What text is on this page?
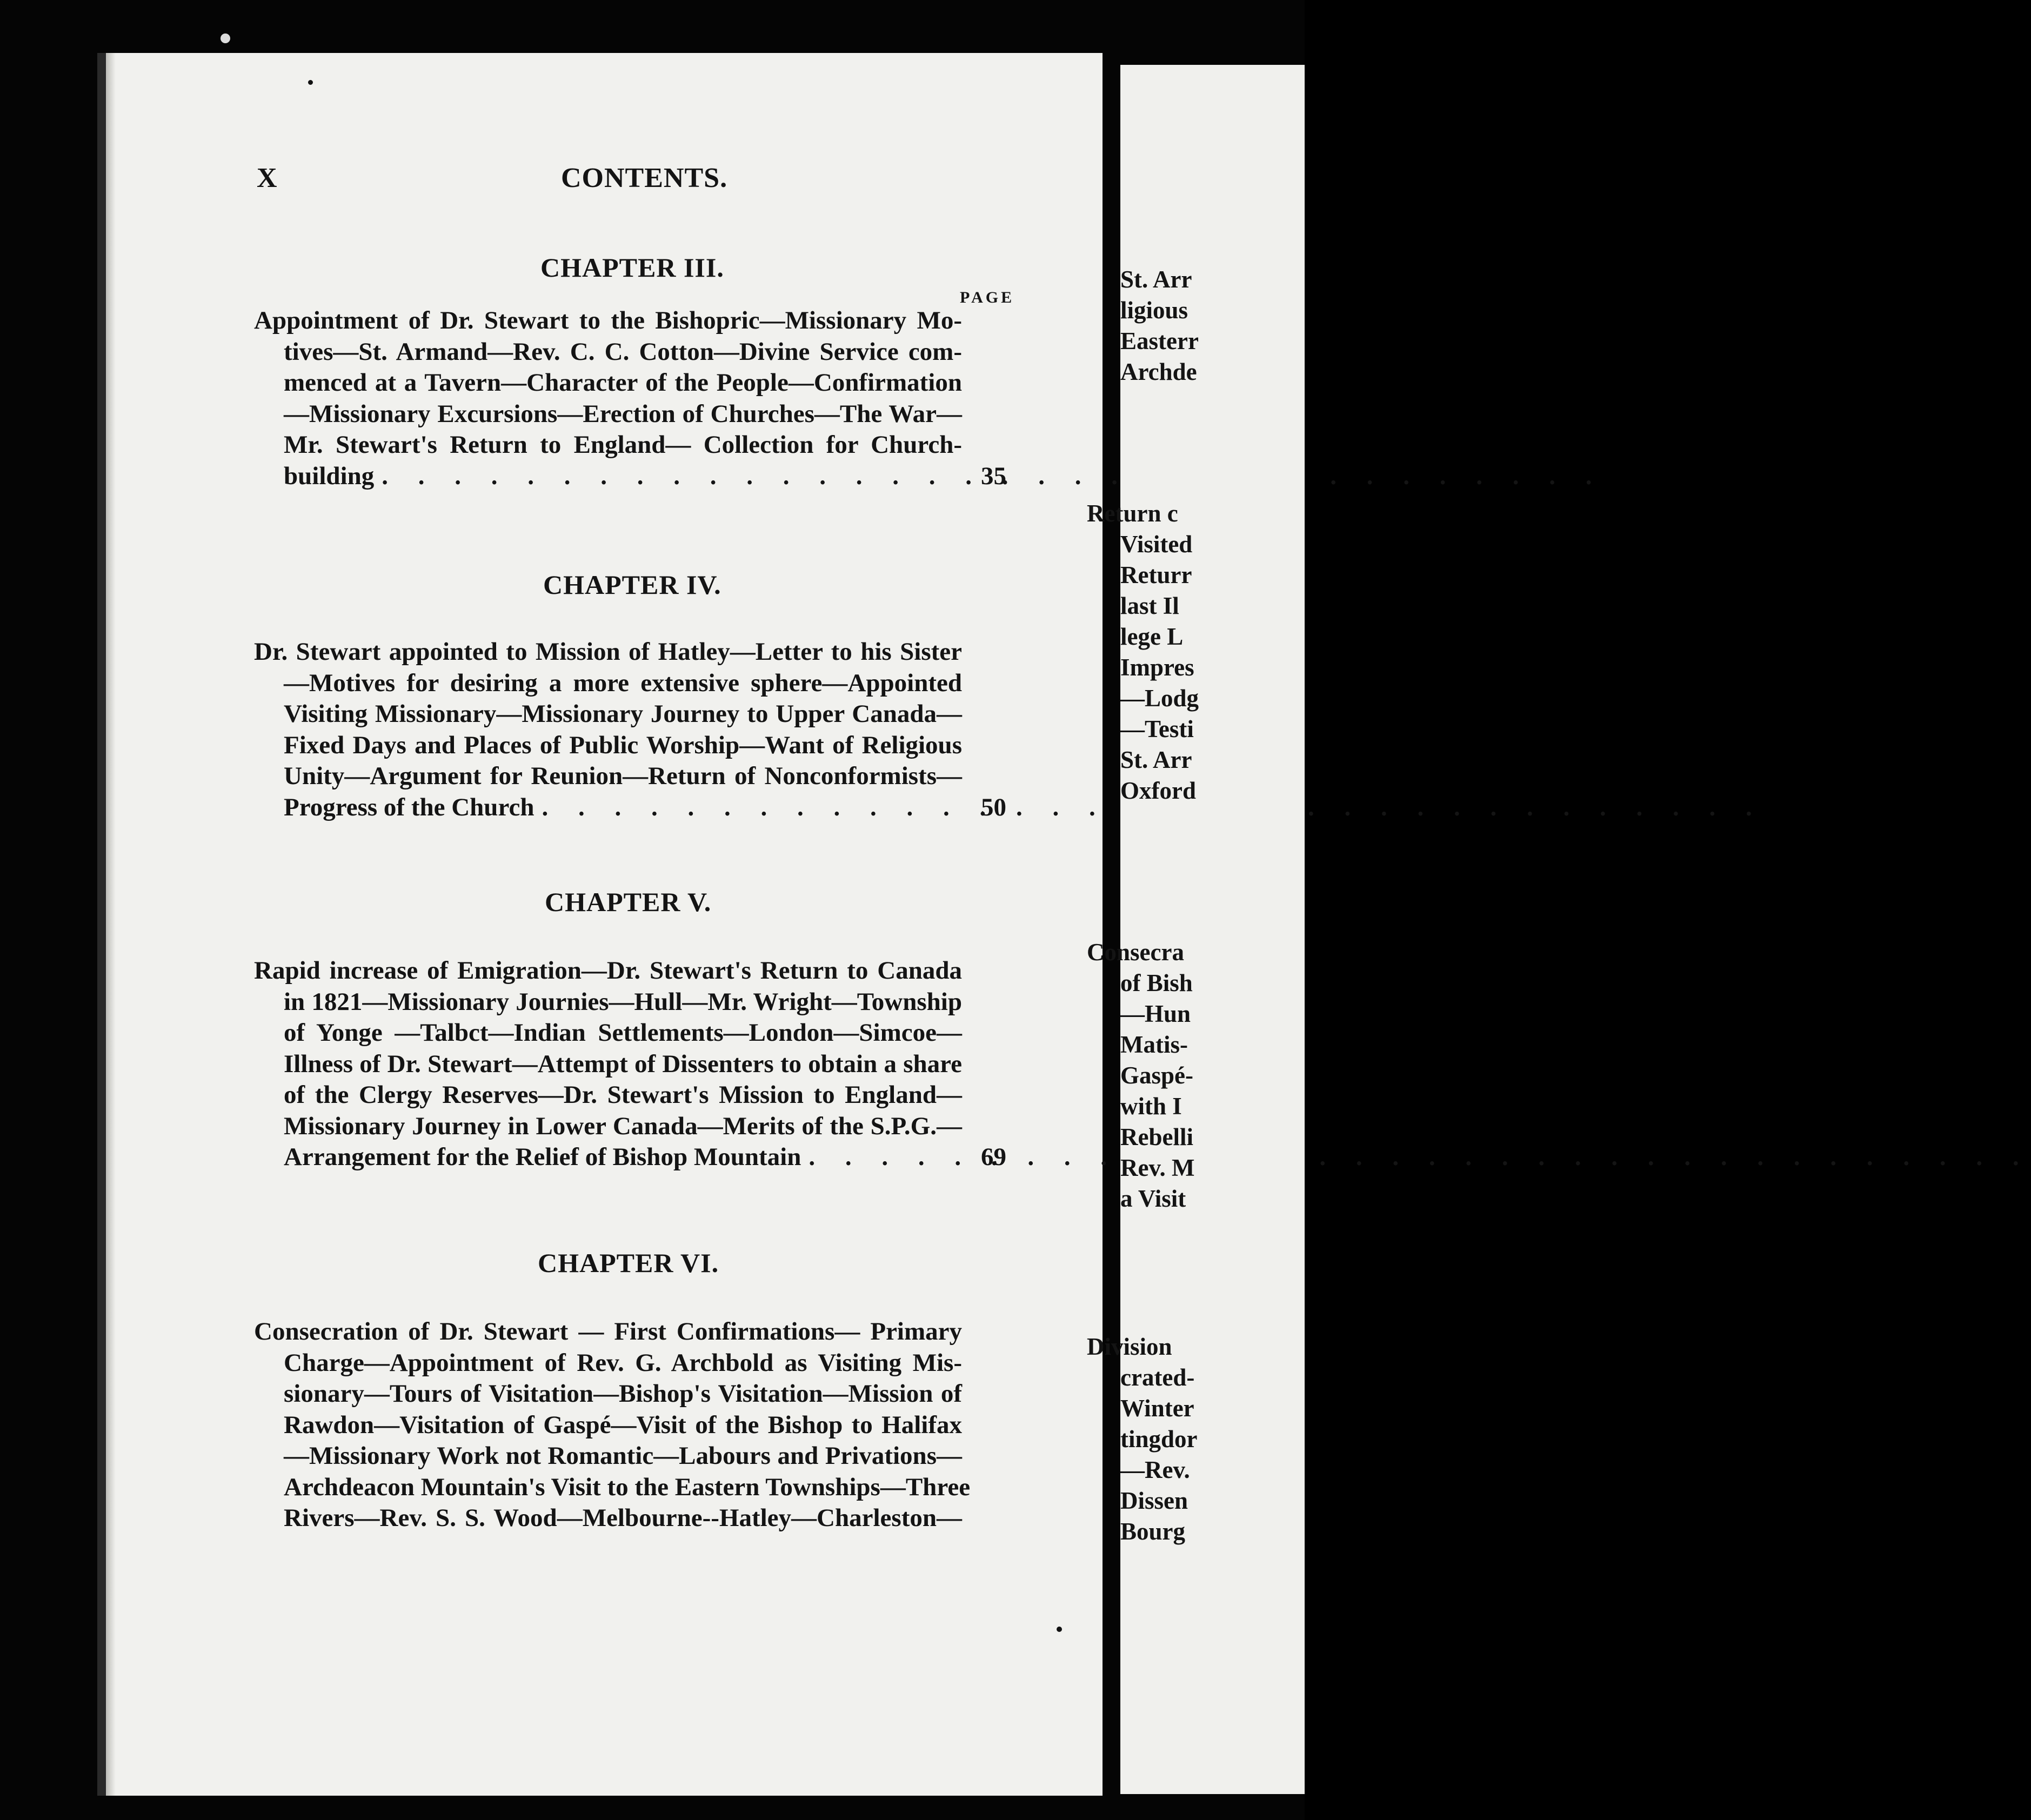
X	CONTENTS.
CHAPTER III.
PAGE
Appointment of Dr. Stewart to the Bishopric—Missionary Mo-
tives—St. Armand—Rev. C. C. Cotton—Divine Service com-
menced at a Tavern—Character of the People—Confirmation
—Missionary Excursions—Erection of Churches—The War—
Mr. Stewart's Return to England— Collection for Church-
building . . .	35
CHAPTER IV.
Dr. Stewart appointed to Mission of Hatley—Letter to his Sister
—Motives for desiring a more extensive sphere—Appointed
Visiting Missionary—Missionary Journey to Upper Canada—
Fixed Days and Places of Public Worship—Want of Religious
Unity—Argument for Reunion—Return of Nonconformists—
Progress of the Church . . .	50
CHAPTER V.
Rapid increase of Emigration—Dr. Stewart's Return to Canada
in 1821—Missionary Journies—Hull—Mr. Wright—Township
of Yonge —Talbct—Indian Settlements—London—Simcoe—
Illness of Dr. Stewart—Attempt of Dissenters to obtain a share
of the Clergy Reserves—Dr. Stewart's Mission to England—
Missionary Journey in Lower Canada—Merits of the S.P.G.—
Arrangement for the Relief of Bishop Mountain . . .	69
CHAPTER VI.
Consecration of Dr. Stewart — First Confirmations— Primary
Charge—Appointment of Rev. G. Archbold as Visiting Mis-
sionary—Tours of Visitation—Bishop's Visitation—Mission of
Rawdon—Visitation of Gaspé—Visit of the Bishop to Halifax
—Missionary Work not Romantic—Labours and Privations—
Archdeacon Mountain's Visit to the Eastern Townships—Three
Rivers—Rev. S. S. Wood—Melbourne--Hatley—Charleston—
St. Arr
ligious
Easterr
Archde
Return c
Visited
Returr
last Il
lege L
Impres
—Lodg
—Testi
St. Arr
Oxford
Consecra
of Bish
—Hun
Matis-
Gaspé-
with I
Rebelli
Rev. M
a Visit
Division
crated-
Winter
tingdor
—Rev.
Dissen
Bourg
